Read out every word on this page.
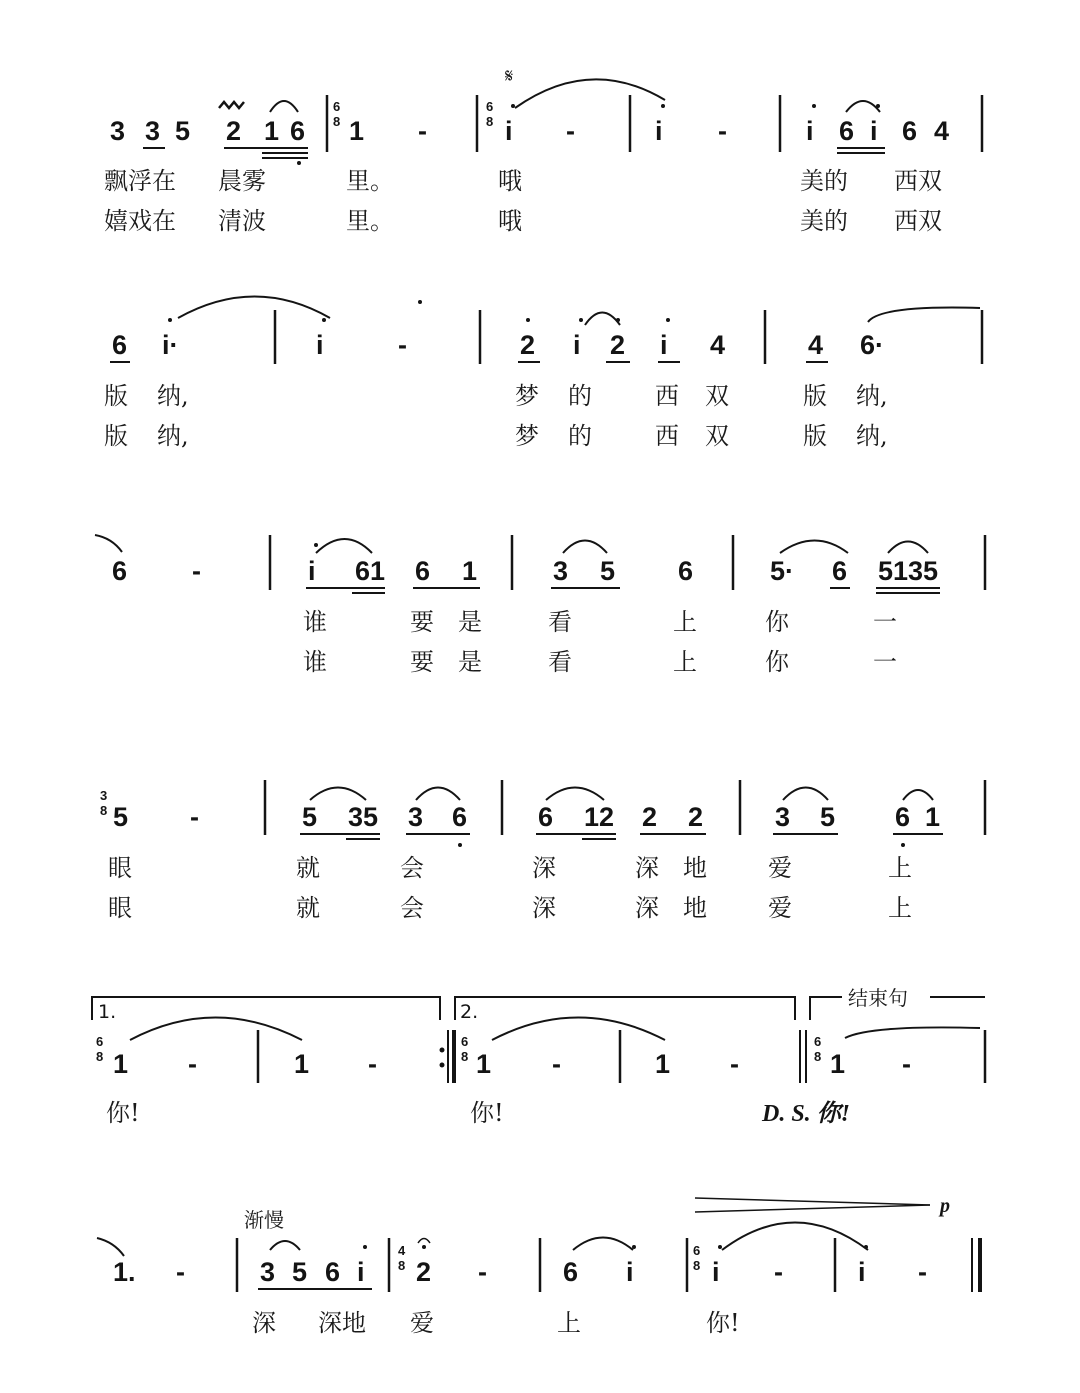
6
8
6
8
𝄋
3 3 5 2 1 6 1 -	i -	i -	i 6 i 6 4
飘浮在 晨雾	里。	哦	美的 西双
嬉戏在 清波	里。	哦	美的 西双
6 i·	i	-	2 i 2 i 4	4 6·
版 纳,	梦 的	西 双	版 纳,
版 纳,	梦 的	西 双	版 纳,
6 -	i 61 6 1	3 5 6	5· 6 5135
谁	要 是	看	上	你	一
谁	要 是	看	上	你	一
3
8 5 -	5 35 3 6	6 12 2 2	3 5 6 1
眼	就	会	深	深 地	爱	上
眼	就	会	深	深 地	爱	上
1.	2.
结束句
6
8
6
8
6
8
1 -	1 -	1 -	1 -	1 -
你!	你!	D. S. 你!
渐慢
p
4
8
6
8
1. -	3 5 6 i 2 -	6 i	i -	i -
深 深地 爱	上	你!
